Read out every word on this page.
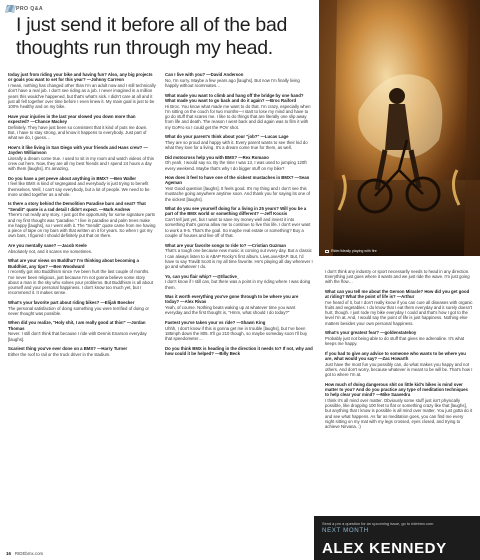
PRO Q&A
“
I just send it before all of the bad thoughts run through my head.
Rider/Ideally playing with fire
today just from riding your bike and having fun? Also, any big projects or goals you want to set for this year? —Johnny Carreon

I mean, nothing has changed other than I'm an adult now and I still technically don't have a real job. I don't see riding as a job. I never imagined in a million years this would've happened, but that's what's sick. I didn't care at all and it just all fell together over time before I even knew it. My main goal is just to be 100% healthy and on my bike.

Have your injuries in the last year slowed you down more than expected? —Chance Mackey

Definitely. They have just been so consistent that it kind of puts me down. But, I have to stay strong, and know it happens to everybody. Just part of what we do, I guess…

How's it like living in San Diego with your friends and Hans crew? —Jayden Williamson

Literally a dream come true. I used to sit in my room and watch videos of this crew out here. Now, they are all my best friends and I spend 24 hours a day with them [laughs]. It's amazing.

Do you have a pet peeve about anything in BMX? —Ben Waller

I feel like BMX is kind of segregated and everybody is just trying to benefit themselves. Well, I can't say everybody, but a lot of people. We need to be more united together as a whole.

Is there a story behind the Demolition Paradise bars and seat? That "Sendit" quote is a rad detail I didn't expect. —Mark Andrew

There's not really any story. I just got the opportunity for some signature parts and my first thought was "paradise." I live in paradise and palm trees make me happy [laughs], so I went with it. The "Sendit" quote came from me having a piece of tape on my bars with that written on it for years. So when I got my own bars, I figured I should definitely put that on there.

Are you mentally sane? —Jacob Keele

Absolutely not, and it scares me sometimes.

What are your views on Buddha? I'm thinking about becoming a Buddhist, any tips? —Ben Woodward

I recently got into Buddhism since I've been hurt the last couple of months. I've never been religious, just because I'm not gonna believe some story about a man in the sky who solves your problems. But Buddhism is all about yourself and your personal happiness. I don't know too much yet, but I recommend it. It makes sense.

What's your favorite part about riding bikes? —Elijah Boecker

The personal satisfaction of doing something you were terrified of doing or never thought was possible.

When did you realize, "Holy shit, I am really good at this!" —Jordan Thomas

Never. I still don't think that because I ride with Dennis Enarson everyday [laughs].

Scariest thing you've ever done on a BMX? —Harry Turner

Either the roof to rail or the truck driver in the stadium.

Can I live with you? —David Anderson

No, I'm sorry. Maybe a few years ago [laughs]. But now I'm finally living happily without roommates…

What made you want to climb and hang off the bridge by one hand? What made you want to go back and do it again? —Broc Raiford

Hi Broc. You know what made me want to do that. I'm crazy, especially when I'm sitting on the couch for two months—I start to lose my mind and have to go do stuff that scares me. I like to do things that are literally one slip away from life and death. The reason I went back and did again was to film it with my GoPro so I could get the POV shot.

What do your parent's think about your "job?" —Lucas Lage

They are so proud and happy with it. Every parent wants to see their kid do what they love for a living. It's a dream come true for them, as well.

Did motocross help you with BMX? —Rex Romano

Oh yeah, I would say so. By the time I was 13, I was used to jumping 120ft every weekend. Maybe that's why I do bigger stuff on my bike?

How does it feel to have one of the sickest mustaches in BMX? —Sean Ageman

Yes! Good question [laughs]. It feels good. It's my thing and I don't see this mustache going anywhere anytime soon. And thank you for saying its one of the sickest [laughs].

What do you see yourself doing for a living in 25 years? Will you be a part of the BMX world or something different? —Jeff Kocsis

Can't tell just yet, but I want to save my money well and invest it into something that's gonna allow me to continue to live this life. I don't ever want to work a 9-5. That's the goal. So maybe real estate or something? Buy a couple of houses and live off of that.

What are your favorite songs to ride to? —Cristian Guzman

That's a tough one because new music is coming out every day. But a classic I can always listen to is A$AP Rocky's first album. LiveLoveA$AP. But, I'd have to say Travi$ Scott is my all time favorite. He's playing all day wherever I go and whatever I do.

Yo, can you flair whip? —@Illactive_

I don't know if I still can, but there was a point in my riding where I was doing them.

Was it worth everything you've gone through to be where you are today? —Alex Rivas

Yeah, of course. Nothing beats waking up at whatever time you want everyday and the first thought is, "Hmm, what should I do today?"

Fastest you've taken your vs ride? —Shawn King

Uhhh, I don't know if this is gonna get me in trouble [laughs], but I've been 185mph down the 805. It'll go 210 though, so maybe someday soon I'll buy that speedometer…

Do you think BMX is heading in the direction it needs to? If not, why and how could it be helped? —Billy Beck

I don't think any industry or sport necessarily needs to head in any direction. Everything just goes where it wants and we just ride the wave. I'm just going with the flow…

What can you tell me about the Gerson Miracle? How did you get good at riding? What the point of life is? —Arthur

I've heard of it, but I don't really know if you can cure all diseases with organic fruits and vegetables. I do know that I eat them everyday and it surely doesn't hurt, though. I just rode my bike everyday I could and that's how I got to the level I'm at. And, I would say the point of life is just happiness. Nothing else matters besides your own personal happiness.

What's your greatest fear? —goldenstateboy

Probably just not being able to do stuff that gives me adrenaline. It's what keeps me happy.

If you had to give any advice to someone who wants to be where you are, what would you say? —Zac Howarth

Just have the most fun you possibly can, do what makes you happy and not others. And don't worry, because whatever is meant to be will be. That's how I got to where I'm at.

How much of doing dangerous shit on little kid's bikes is mind over matter to you? And do you practice any type of meditation techniques to help clear your mind? —Mike Saavedra

I think it's all mind over matter. Obviously some stuff just isn't physically possible, like dropping 100 feet to flat or something crazy like that [laughs], but anything that I know is possible is all mind over matter. You just gotta do it and see what happens. As far as meditation goes, you can find me every night sitting on my mat with my legs crossed, eyes closed, and trying to achieve Nirvana. :)

Send a pro a question for an upcoming issue, go to ridebmx.com
NEXT MONTH
ALEX KENNEDY
16 RIDEbmx.com
